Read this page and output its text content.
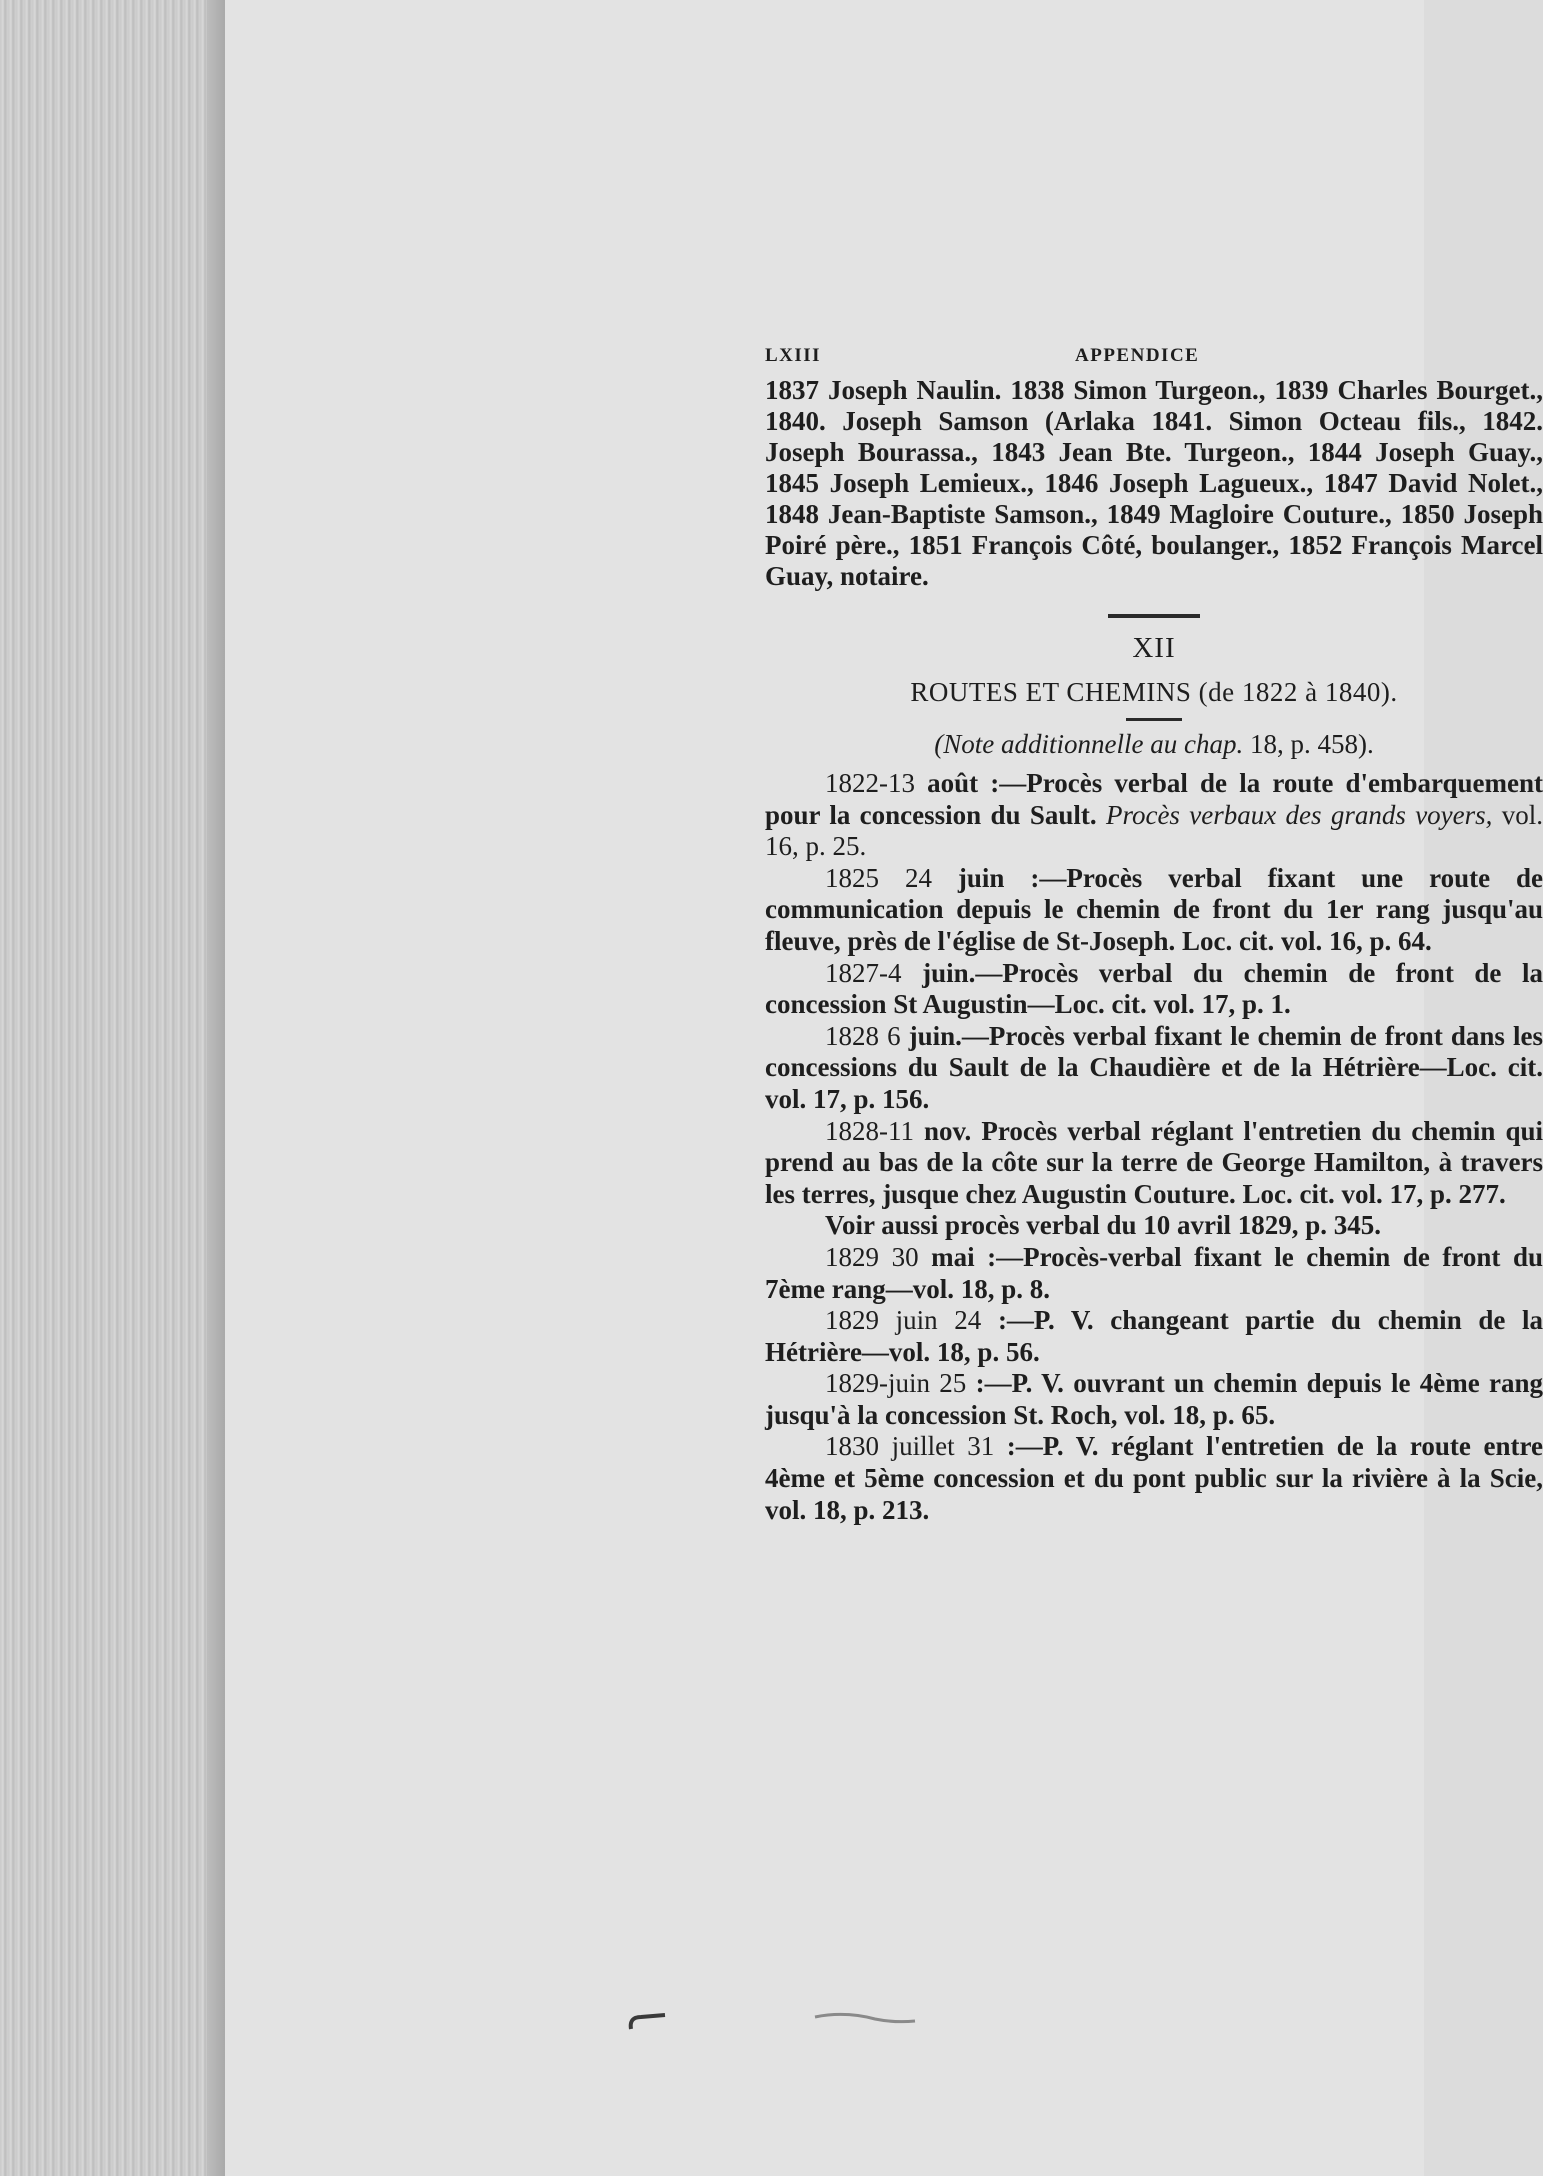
LXIII	APPENDICE

1837 Joseph Naulin. 1838 Simon Turgeon., 1839 Charles Bourget., 1840. Joseph Samson (Arlaka 1841. Simon Octeau fils., 1842. Joseph Bourassa., 1843 Jean Bte. Turgeon., 1844 Joseph Guay., 1845 Joseph Lemieux., 1846 Joseph Lagueux., 1847 David Nolet., 1848 Jean-Baptiste Samson., 1849 Magloire Couture., 1850 Joseph Poiré père., 1851 François Côté, boulanger., 1852 François Marcel Guay, notaire.

XII
ROUTES ET CHEMINS (de 1822 à 1840).
(Note additionnelle au chap. 18, p. 458).

1822-13 août :—Procès verbal de la route d'embarquement pour la concession du Sault. Procès verbaux des grands voyers, vol. 16, p. 25.

1825 24 juin :—Procès verbal fixant une route de communication depuis le chemin de front du 1er rang jusqu'au fleuve, près de l'église de St-Joseph. Loc. cit. vol. 16, p. 64.

1827-4 juin.—Procès verbal du chemin de front de la concession St Augustin—Loc. cit. vol. 17, p. 1.

1828 6 juin.—Procès verbal fixant le chemin de front dans les concessions du Sault de la Chaudière et de la Hétrière—Loc. cit. vol. 17, p. 156.

1828-11 nov. Procès verbal réglant l'entretien du chemin qui prend au bas de la côte sur la terre de George Hamilton, à travers les terres, jusque chez Augustin Couture. Loc. cit. vol. 17, p. 277.

Voir aussi procès verbal du 10 avril 1829, p. 345.

1829 30 mai :—Procès-verbal fixant le chemin de front du 7ème rang—vol. 18, p. 8.

1829 juin 24 :—P. V. changeant partie du chemin de la Hétrière—vol. 18, p. 56.

1829-juin 25 :—P. V. ouvrant un chemin depuis le 4ème rang jusqu'à la concession St. Roch, vol. 18, p. 65.

1830 juillet 31 :—P. V. réglant l'entretien de la route entre 4ème et 5ème concession et du pont public sur la rivière à la Scie, vol. 18, p. 213.
